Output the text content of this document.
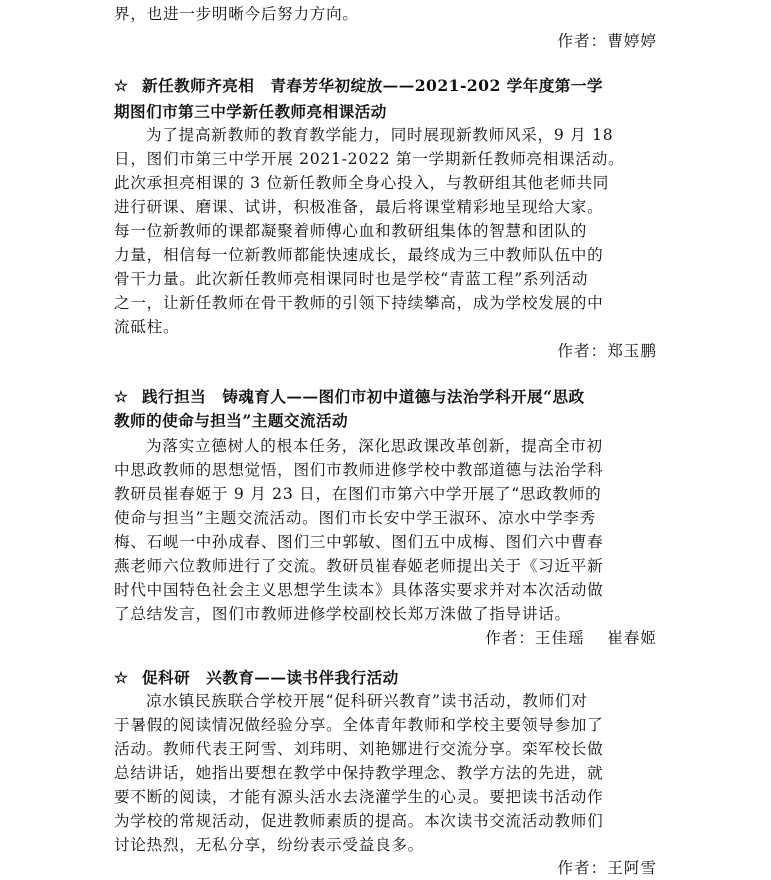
界，也进一步明晰今后努力方向。
作者：曹婷婷
☆ 新任教师齐亮相　青春芳华初绽放——2021-202 学年度第一学
期图们市第三中学新任教师亮相课活动
为了提高新教师的教育教学能力，同时展现新教师风采，9 月 18
日，图们市第三中学开展 2021-2022 第一学期新任教师亮相课活动。
此次承担亮相课的 3 位新任教师全身心投入，与教研组其他老师共同
进行研课、磨课、试讲，积极准备，最后将课堂精彩地呈现给大家。
每一位新教师的课都凝聚着师傅心血和教研组集体的智慧和团队的
力量，相信每一位新教师都能快速成长，最终成为三中教师队伍中的
骨干力量。此次新任教师亮相课同时也是学校“青蓝工程”系列活动
之一，让新任教师在骨干教师的引领下持续攀高，成为学校发展的中
流砥柱。
作者：郑玉鹏
☆ 践行担当　铸魂育人——图们市初中道德与法治学科开展“思政
教师的使命与担当”主题交流活动
为落实立德树人的根本任务，深化思政课改革创新，提高全市初
中思政教师的思想觉悟，图们市教师进修学校中教部道德与法治学科
教研员崔春姬于 9 月 23 日，在图们市第六中学开展了“思政教师的
使命与担当”主题交流活动。图们市长安中学王淑环、凉水中学李秀
梅、石岘一中孙成春、图们三中郭敏、图们五中成梅、图们六中曹春
燕老师六位教师进行了交流。教研员崔春姬老师提出关于《习近平新
时代中国特色社会主义思想学生读本》具体落实要求并对本次活动做
了总结发言，图们市教师进修学校副校长郑万洙做了指导讲话。
作者：王佳瑶　 崔春姬
☆ 促科研　兴教育——读书伴我行活动
凉水镇民族联合学校开展“促科研兴教育”读书活动，教师们对
于暑假的阅读情况做经验分享。全体青年教师和学校主要领导参加了
活动。教师代表王阿雪、刘玮明、刘艳娜进行交流分享。栾军校长做
总结讲话，她指出要想在教学中保持教学理念、教学方法的先进，就
要不断的阅读，才能有源头活水去浇灌学生的心灵。要把读书活动作
为学校的常规活动，促进教师素质的提高。本次读书交流活动教师们
讨论热烈，无私分享，纷纷表示受益良多。
作者：王阿雪
